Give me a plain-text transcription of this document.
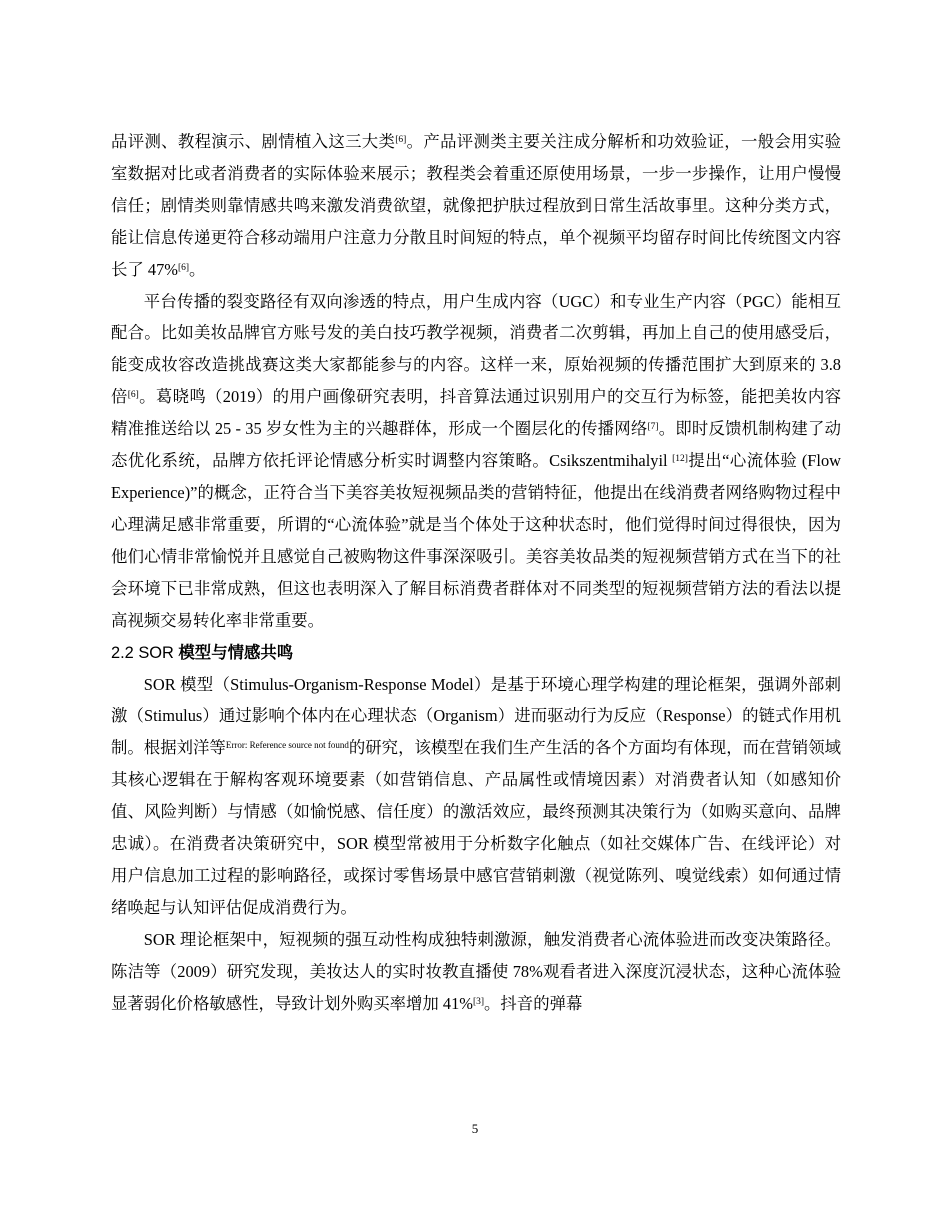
品评测、教程演示、剧情植入这三大类[6]。产品评测类主要关注成分解析和功效验证，一般会用实验室数据对比或者消费者的实际体验来展示；教程类会着重还原使用场景，一步一步操作，让用户慢慢信任；剧情类则靠情感共鸣来激发消费欲望，就像把护肤过程放到日常生活故事里。这种分类方式，能让信息传递更符合移动端用户注意力分散且时间短的特点，单个视频平均留存时间比传统图文内容长了 47%[6]。

平台传播的裂变路径有双向渗透的特点，用户生成内容（UGC）和专业生产内容（PGC）能相互配合。比如美妆品牌官方账号发的美白技巧教学视频，消费者二次剪辑，再加上自己的使用感受后，能变成妆容改造挑战赛这类大家都能参与的内容。这样一来，原始视频的传播范围扩大到原来的 3.8 倍[6]。葛晓鸣（2019）的用户画像研究表明，抖音算法通过识别用户的交互行为标签，能把美妆内容精准推送给以 25 - 35 岁女性为主的兴趣群体，形成一个圈层化的传播网络[7]。即时反馈机制构建了动态优化系统，品牌方依托评论情感分析实时调整内容策略。Csikszentmihalyil [12]提出“心流体验 (Flow Experience)”的概念，正符合当下美容美妆短视频品类的营销特征，他提出在线消费者网络购物过程中心理满足感非常重要，所谓的“心流体验”就是当个体处于这种状态时，他们觉得时间过得很快，因为他们心情非常愉悦并且感觉自己被购物这件事深深吸引。美容美妆品类的短视频营销方式在当下的社会环境下已非常成熟，但这也表明深入了解目标消费者群体对不同类型的短视频营销方法的看法以提高视频交易转化率非常重要。

2.2 SOR 模型与情感共鸣

SOR 模型（Stimulus-Organism-Response Model）是基于环境心理学构建的理论框架，强调外部刺激（Stimulus）通过影响个体内在心理状态（Organism）进而驱动行为反应（Response）的链式作用机制。根据刘洋等$^{Error: Reference source not found}$的研究，该模型在我们生产生活的各个方面均有体现，而在营销领域其核心逻辑在于解构客观环境要素（如营销信息、产品属性或情境因素）对消费者认知（如感知价值、风险判断）与情感（如愉悦感、信任度）的激活效应，最终预测其决策行为（如购买意向、品牌忠诚）。在消费者决策研究中，SOR 模型常被用于分析数字化触点（如社交媒体广告、在线评论）对用户信息加工过程的影响路径，或探讨零售场景中感官营销刺激（视觉陈列、嗅觉线索）如何通过情绪唤起与认知评估促成消费行为。

SOR 理论框架中，短视频的强互动性构成独特刺激源，触发消费者心流体验进而改变决策路径。陈洁等（2009）研究发现，美妆达人的实时妆教直播使 78%观看者进入深度沉浸状态，这种心流体验显著弱化价格敏感性，导致计划外购买率增加 41%[3]。抖音的弹幕

5
